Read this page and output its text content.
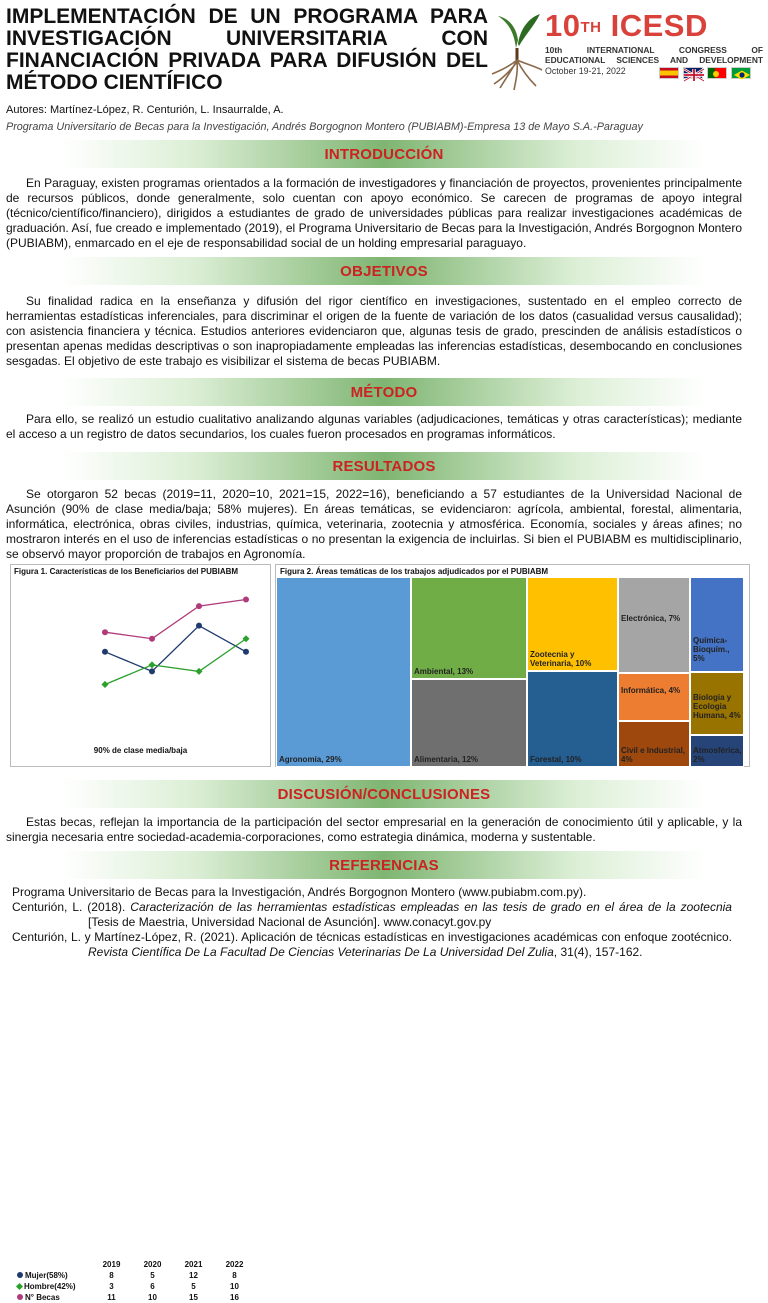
IMPLEMENTACIÓN DE UN PROGRAMA PARA
INVESTIGACIÓN UNIVERSITARIA CON
FINANCIACIÓN PRIVADA PARA DIFUSIÓN DEL
MÉTODO CIENTÍFICO
10TH ICESD
10th INTERNATIONAL CONGRESS OF
EDUCATIONAL SCIENCES AND DEVELOPMENT
October 19-21, 2022
Autores: Martínez-López, R. Centurión, L. Insaurralde, A.
Programa Universitario de Becas para la Investigación, Andrés Borgognon Montero (PUBIABM)-Empresa 13 de Mayo S.A.-Paraguay
INTRODUCCIÓN
En Paraguay, existen programas orientados a la formación de investigadores y financiación de proyectos, provenientes principalmente de recursos públicos, donde generalmente, solo cuentan con apoyo económico. Se carecen de programas de apoyo integral (técnico/científico/financiero), dirigidos a estudiantes de grado de universidades públicas para realizar investigaciones académicas de graduación. Así, fue creado e implementado (2019), el Programa Universitario de Becas para la Investigación, Andrés Borgognon Montero (PUBIABM), enmarcado en el eje de responsabilidad social de un holding empresarial paraguayo.
OBJETIVOS
Su finalidad radica en la enseñanza y difusión del rigor científico en investigaciones, sustentado en el empleo correcto de herramientas estadísticas inferenciales, para discriminar el origen de la fuente de variación de los datos (casualidad versus causalidad); con asistencia financiera y técnica. Estudios anteriores evidenciaron que, algunas tesis de grado, prescinden de análisis estadísticos o presentan apenas medidas descriptivas o son inapropiadamente empleadas las inferencias estadísticas, desembocando en conclusiones sesgadas. El objetivo de este trabajo es visibilizar el sistema de becas PUBIABM.
MÉTODO
Para ello, se realizó un estudio cualitativo analizando algunas variables (adjudicaciones, temáticas y otras características); mediante el acceso a un registro de datos secundarios, los cuales fueron procesados en programas informáticos.
RESULTADOS
Se otorgaron 52 becas (2019=11, 2020=10, 2021=15, 2022=16), beneficiando a 57 estudiantes de la Universidad Nacional de Asunción (90% de clase media/baja; 58% mujeres). En áreas temáticas, se evidenciaron: agrícola, ambiental, forestal, alimentaria, informática, electrónica, obras civiles, industrias, química, veterinaria, zootecnia y atmosférica. Economía, sociales y áreas afines; no mostraron interés en el uso de inferencias estadísticas o no presentan la exigencia de incluirlas. Si bien el PUBIABM es multidisciplinario, se observó mayor proporción de trabajos en Agronomía.
Figura 1. Características de los Beneficiarios del PUBIABM
	2019	2020	2021	2022
Mujer(58%)	8	5	12	8
Hombre(42%)	3	6	5	10
N° Becas	11	10	15	16
90% de clase media/baja
Figura 2. Áreas temáticas de los trabajos adjudicados por el PUBIABM
Agronomía, 29%
Ambiental, 13%
Alimentaria, 12%
Zootecnia y Veterinaria, 10%
Forestal, 10%
Electrónica, 7%
Informática, 4%
Civil e Industrial, 4%
Química-Bioquím., 5%
Biologia y Ecologia Humana, 4%
Atmosférica, 2%
DISCUSIÓN/CONCLUSIONES
Estas becas, reflejan la importancia de la participación del sector empresarial en la generación de conocimiento útil y aplicable, y la sinergia necesaria entre sociedad-academia-corporaciones, como estrategia dinámica, moderna y sustentable.
REFERENCIAS
Programa Universitario de Becas para la Investigación, Andrés Borgognon Montero (www.pubiabm.com.py).
Centurión, L. (2018). Caracterización de las herramientas estadísticas empleadas en las tesis de grado en el área de la zootecnia [Tesis de Maestria, Universidad Nacional de Asunción]. www.conacyt.gov.py
Centurión, L. y Martínez-López, R. (2021). Aplicación de técnicas estadísticas en investigaciones académicas con enfoque zootécnico. Revista Científica De La Facultad De Ciencias Veterinarias De La Universidad Del Zulia, 31(4), 157-162.
